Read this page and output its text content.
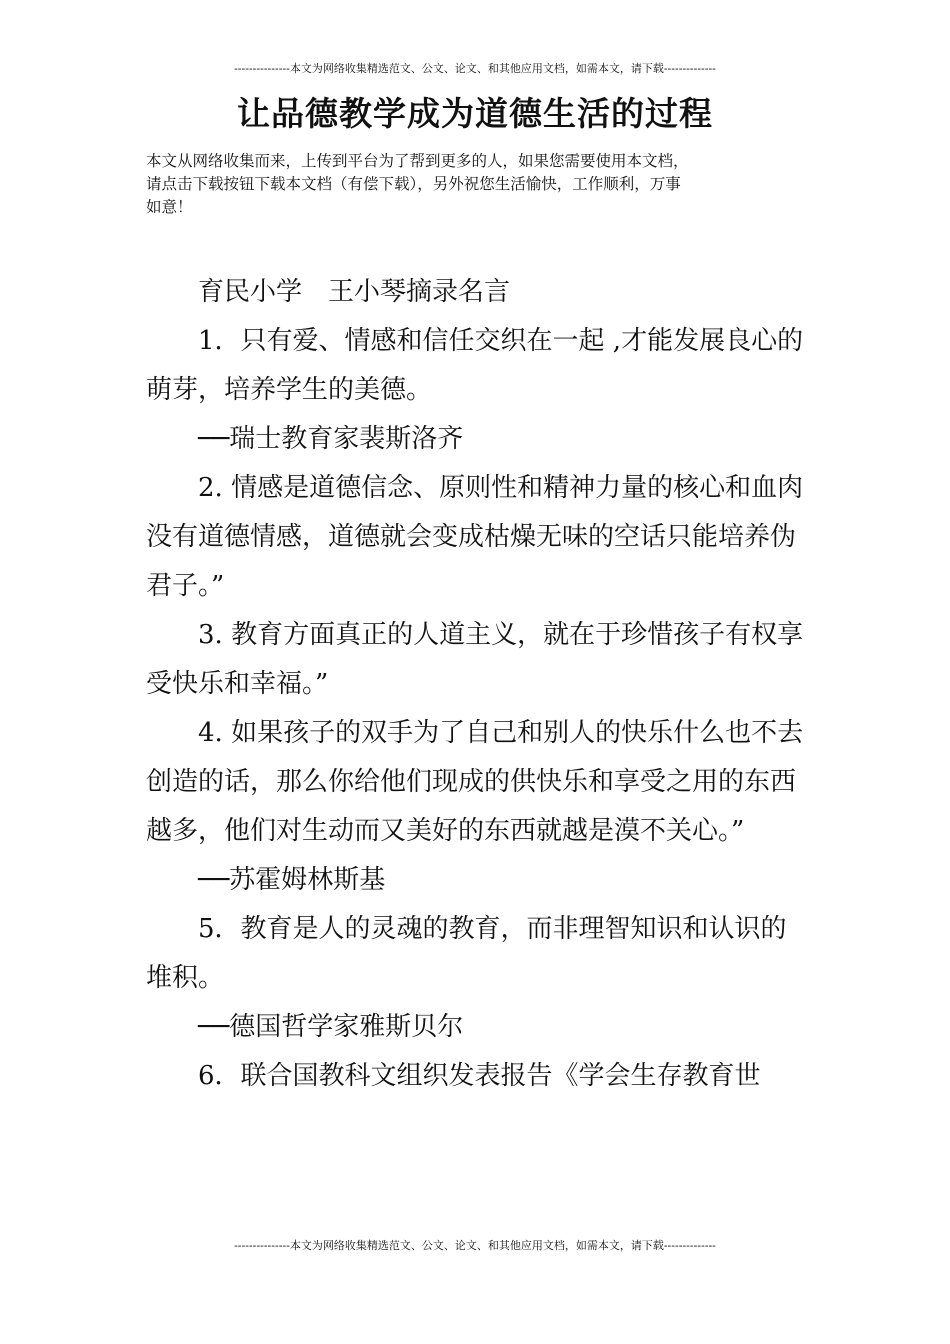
---------------本文为网络收集精选范文、公文、论文、和其他应用文档，如需本文，请下载--------------
让品德教学成为道德生活的过程

本文从网络收集而来，上传到平台为了帮到更多的人，如果您需要使用本文档，

请点击下载按钮下载本文档（有偿下载），另外祝您生活愉快，工作顺利，万事

如意！

育民小学　王小琴摘录名言

1．只有爱、情感和信任交织在一起 ,才能发展良心的萌芽，培养学生的美德。

──瑞士教育家裴斯洛齐

2. 情感是道德信念、原则性和精神力量的核心和血肉没有道德情感，道德就会变成枯燥无味的空话只能培养伪君子。”

3. 教育方面真正的人道主义，就在于珍惜孩子有权享受快乐和幸福。”

4. 如果孩子的双手为了自己和别人的快乐什么也不去创造的话，那么你给他们现成的供快乐和享受之用的东西越多，他们对生动而又美好的东西就越是漠不关心。”

──苏霍姆林斯基

5．教育是人的灵魂的教育，而非理智知识和认识的堆积。

──德国哲学家雅斯贝尔

6．联合国教科文组织发表报告《学会生存教育世

---------------本文为网络收集精选范文、公文、论文、和其他应用文档，如需本文，请下载--------------
